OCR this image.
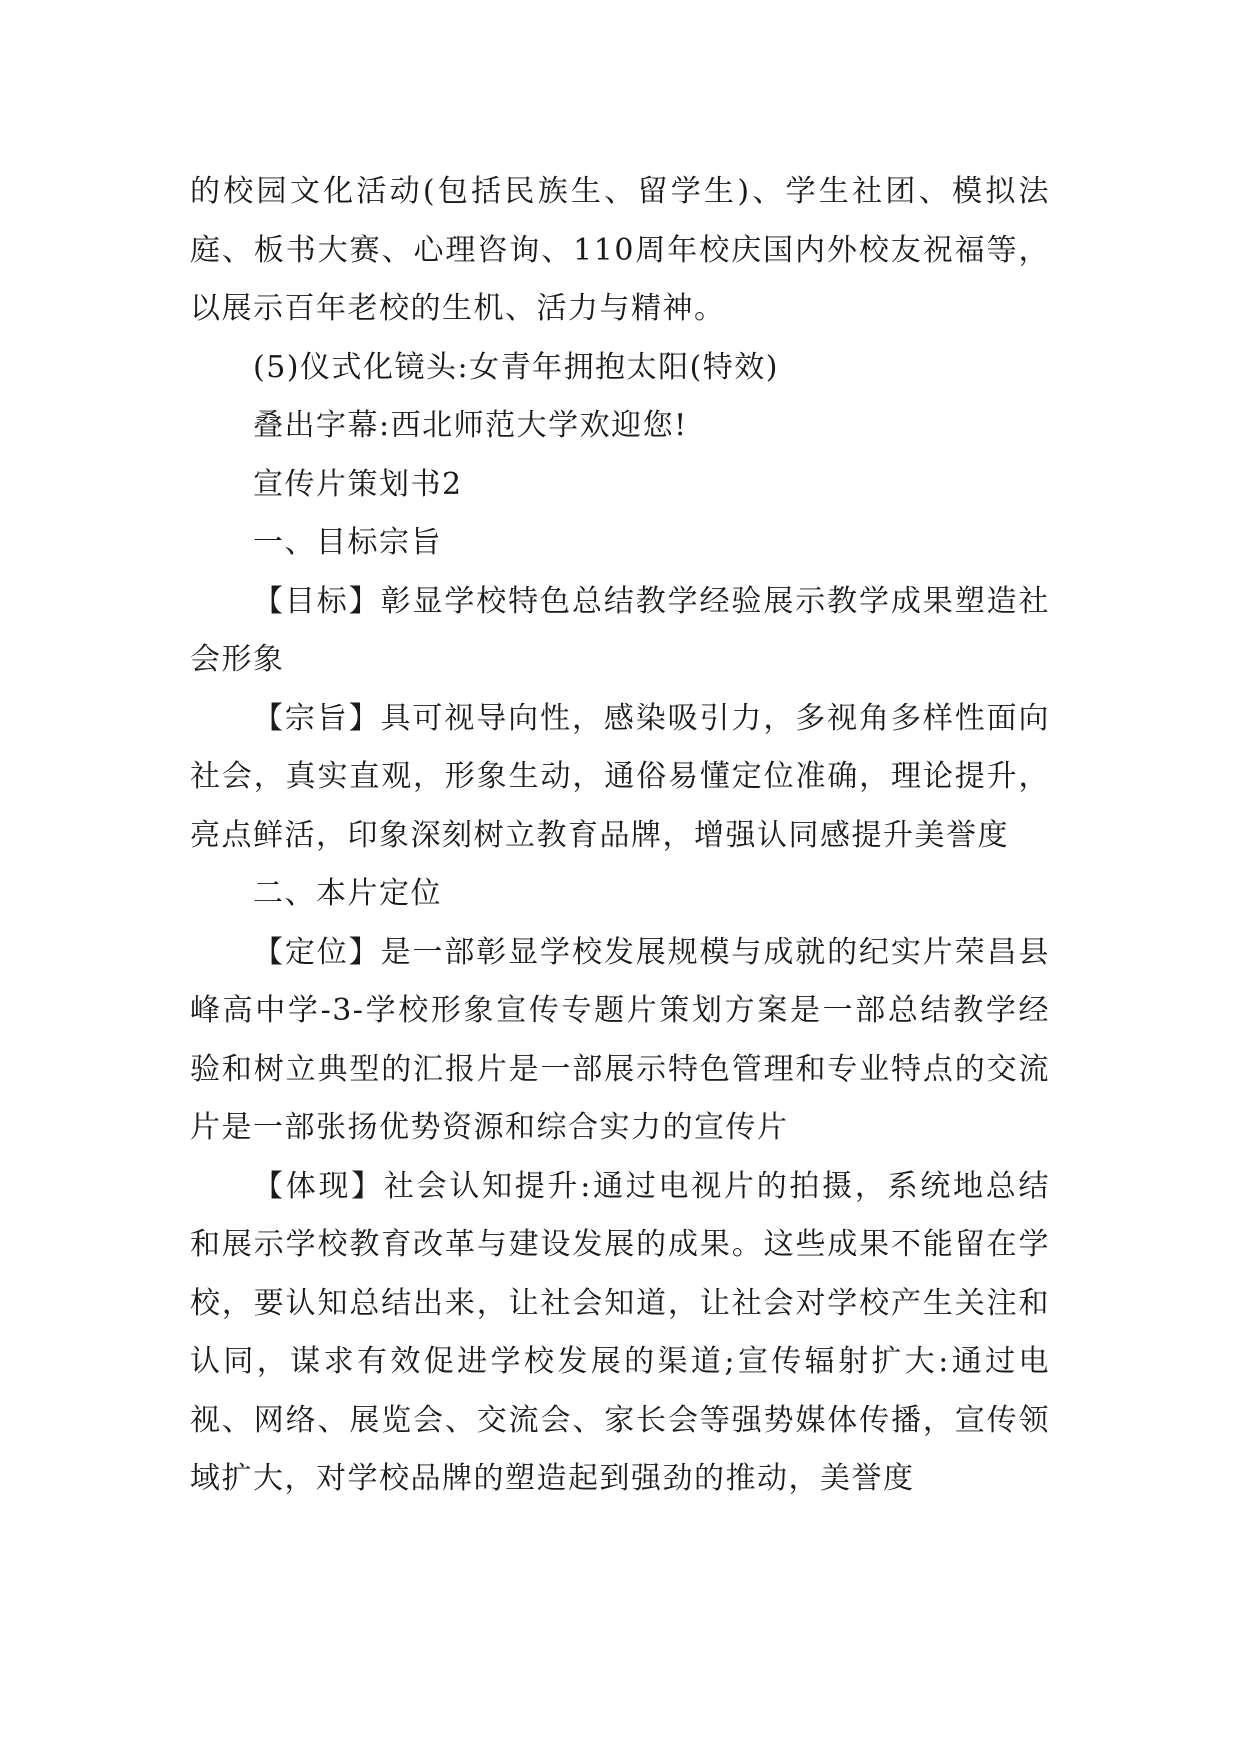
的校园文化活动(包括民族生、留学生)、学生社团、模拟法庭、板书大赛、心理咨询、110周年校庆国内外校友祝福等，以展示百年老校的生机、活力与精神。

(5)仪式化镜头:女青年拥抱太阳(特效)

叠出字幕:西北师范大学欢迎您!

宣传片策划书2

一、目标宗旨

【目标】彰显学校特色总结教学经验展示教学成果塑造社会形象

【宗旨】具可视导向性，感染吸引力，多视角多样性面向社会，真实直观，形象生动，通俗易懂定位准确，理论提升，亮点鲜活，印象深刻树立教育品牌，增强认同感提升美誉度

二、本片定位

【定位】是一部彰显学校发展规模与成就的纪实片荣昌县峰高中学-3-学校形象宣传专题片策划方案是一部总结教学经验和树立典型的汇报片是一部展示特色管理和专业特点的交流片是一部张扬优势资源和综合实力的宣传片

【体现】社会认知提升:通过电视片的拍摄，系统地总结和展示学校教育改革与建设发展的成果。这些成果不能留在学校，要认知总结出来，让社会知道，让社会对学校产生关注和认同，谋求有效促进学校发展的渠道;宣传辐射扩大:通过电视、网络、展览会、交流会、家长会等强势媒体传播，宣传领域扩大，对学校品牌的塑造起到强劲的推动，美誉度
